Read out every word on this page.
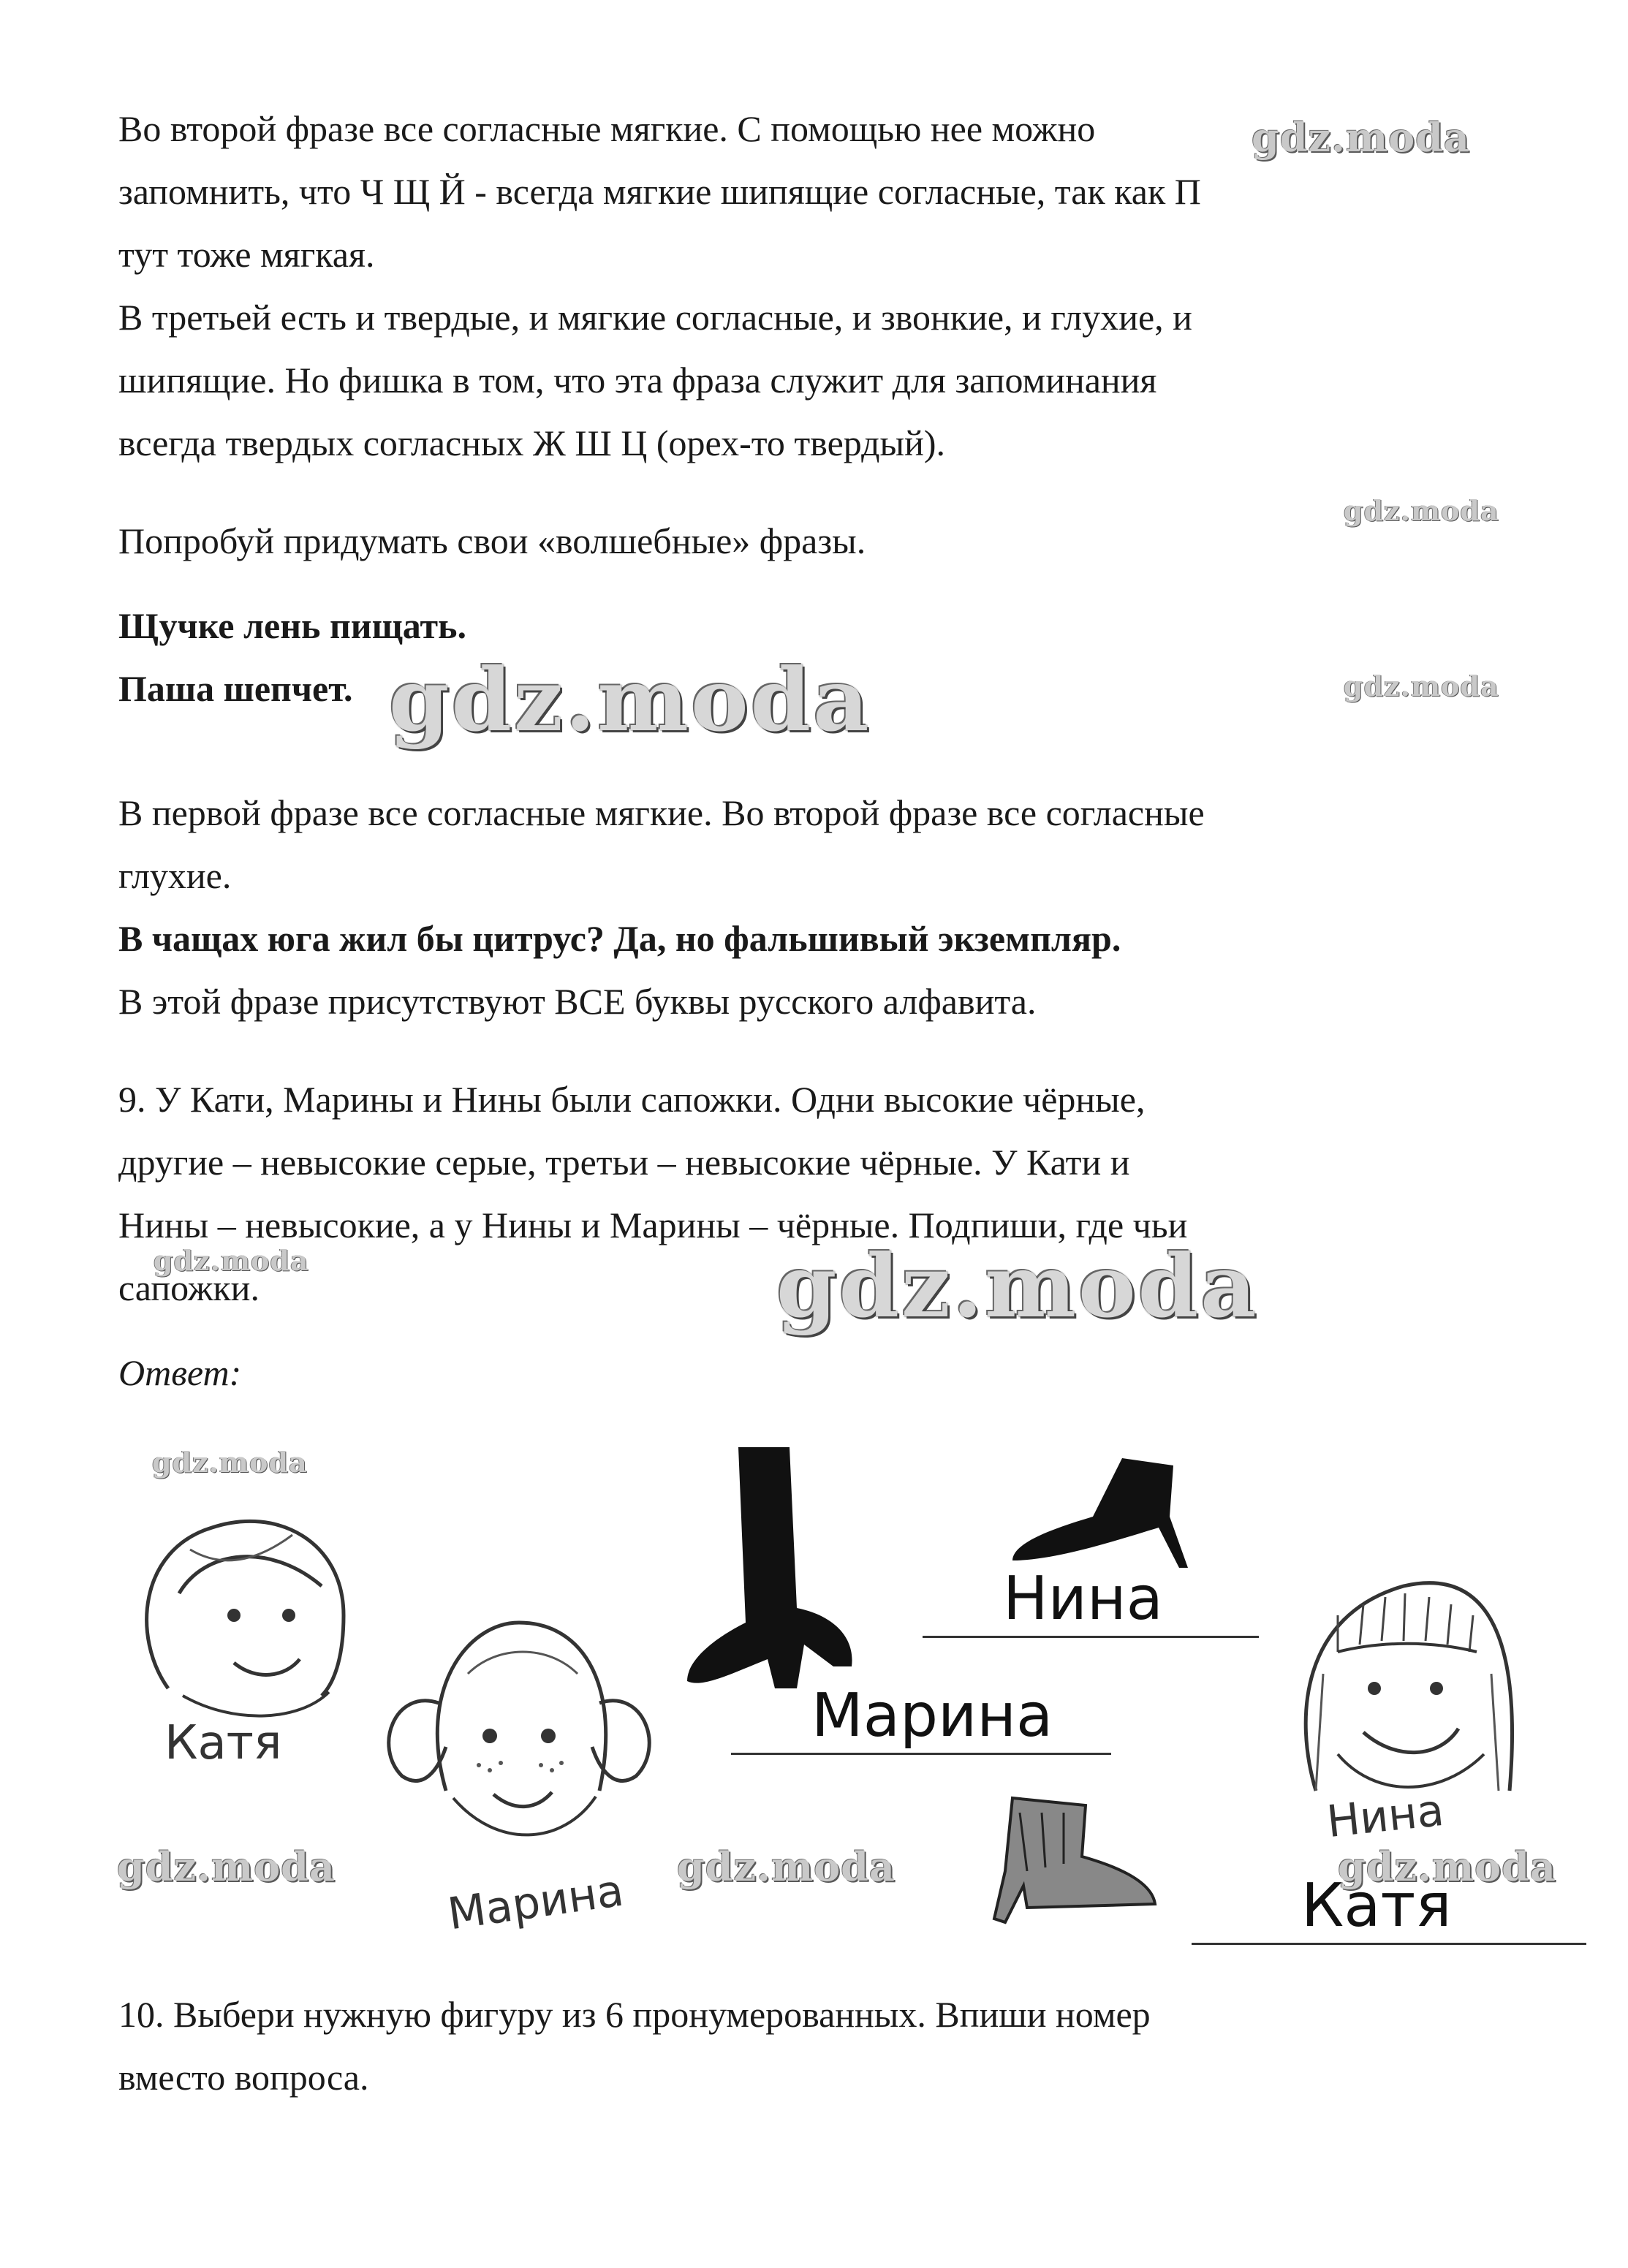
Во второй фразе все согласные мягкие. С помощью нее можно
запомнить, что Ч Щ Й - всегда мягкие шипящие согласные, так как П
тут тоже мягкая.
В третьей есть и твердые, и мягкие согласные, и звонкие, и глухие, и
шипящие. Но фишка в том, что эта фраза служит для запоминания
всегда твердых согласных Ж Ш Ц (орех-то твердый).
Попробуй придумать свои «волшебные» фразы.
Щучке лень пищать.
Паша шепчет.
В первой фразе все согласные мягкие. Во второй фразе все согласные
глухие.
В чащах юга жил бы цитрус? Да, но фальшивый экземпляр.
В этой фразе присутствуют ВСЕ буквы русского алфавита.
9. У Кати, Марины и Нины были сапожки. Одни высокие чёрные,
другие – невысокие серые, третьи – невысокие чёрные. У Кати и
Нины – невысокие, а у Нины и Марины – чёрные. Подпиши, где чьи
сапожки.
Ответ:
10. Выбери нужную фигуру из 6 пронумерованных. Впиши номер
вместо вопроса.
gdz.moda
gdz.moda
gdz.moda
gdz.moda
gdz.moda	gdz.moda
gdz.moda
gdz.moda	gdz.moda	gdz.moda
Катя
Марина
Нина
Марина
Катя
Нина
